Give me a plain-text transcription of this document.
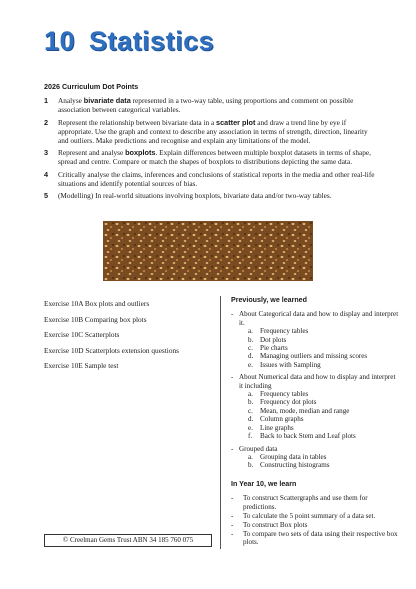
10 Statistics
2026 Curriculum Dot Points
1	Analyse bivariate data represented in a two-way table, using proportions and comment on possible association between categorical variables.
2	Represent the relationship between bivariate data in a scatter plot and draw a trend line by eye if appropriate. Use the graph and context to describe any association in terms of strength, direction, linearity and outliers. Make predictions and recognise and explain any limitations of the model.
3	Represent and analyse boxplots. Explain differences between multiple boxplot datasets in terms of shape, spread and centre. Compare or match the shapes of boxplots to distributions depicting the same data.
4	Critically analyse the claims, inferences and conclusions of statistical reports in the media and other real-life situations and identify potential sources of bias.
5	(Modelling) In real-world situations involving boxplots, bivariate data and/or two-way tables.
Exercise 10A Box plots and outliers
Exercise 10B Comparing box plots
Exercise 10C Scatterplots
Exercise 10D Scatterplots extension questions
Exercise 10E Sample test
© Creelman Gems Trust ABN 34 185 760 075
Previously, we learned
- About Categorical data and how to display and interpret it.
a. Frequency tables
b. Dot plots
c. Pie charts
d. Managing outliers and missing scores
e. Issues with Sampling
- About Numerical data and how to display and interpret it including
a. Frequency tables
b. Frequency dot plots
c. Mean, mode, median and range
d. Column graphs
e. Line graphs
f.	Back to back Stem and Leaf plots
- Grouped data
a. Grouping data in tables
b. Constructing histograms
In Year 10, we learn
-	To construct Scattergraphs and use them for predictions.
-	To calculate the 5 point summary of a data set.
-	To construct Box plots
-	To compare two sets of data using their respective box plots.
